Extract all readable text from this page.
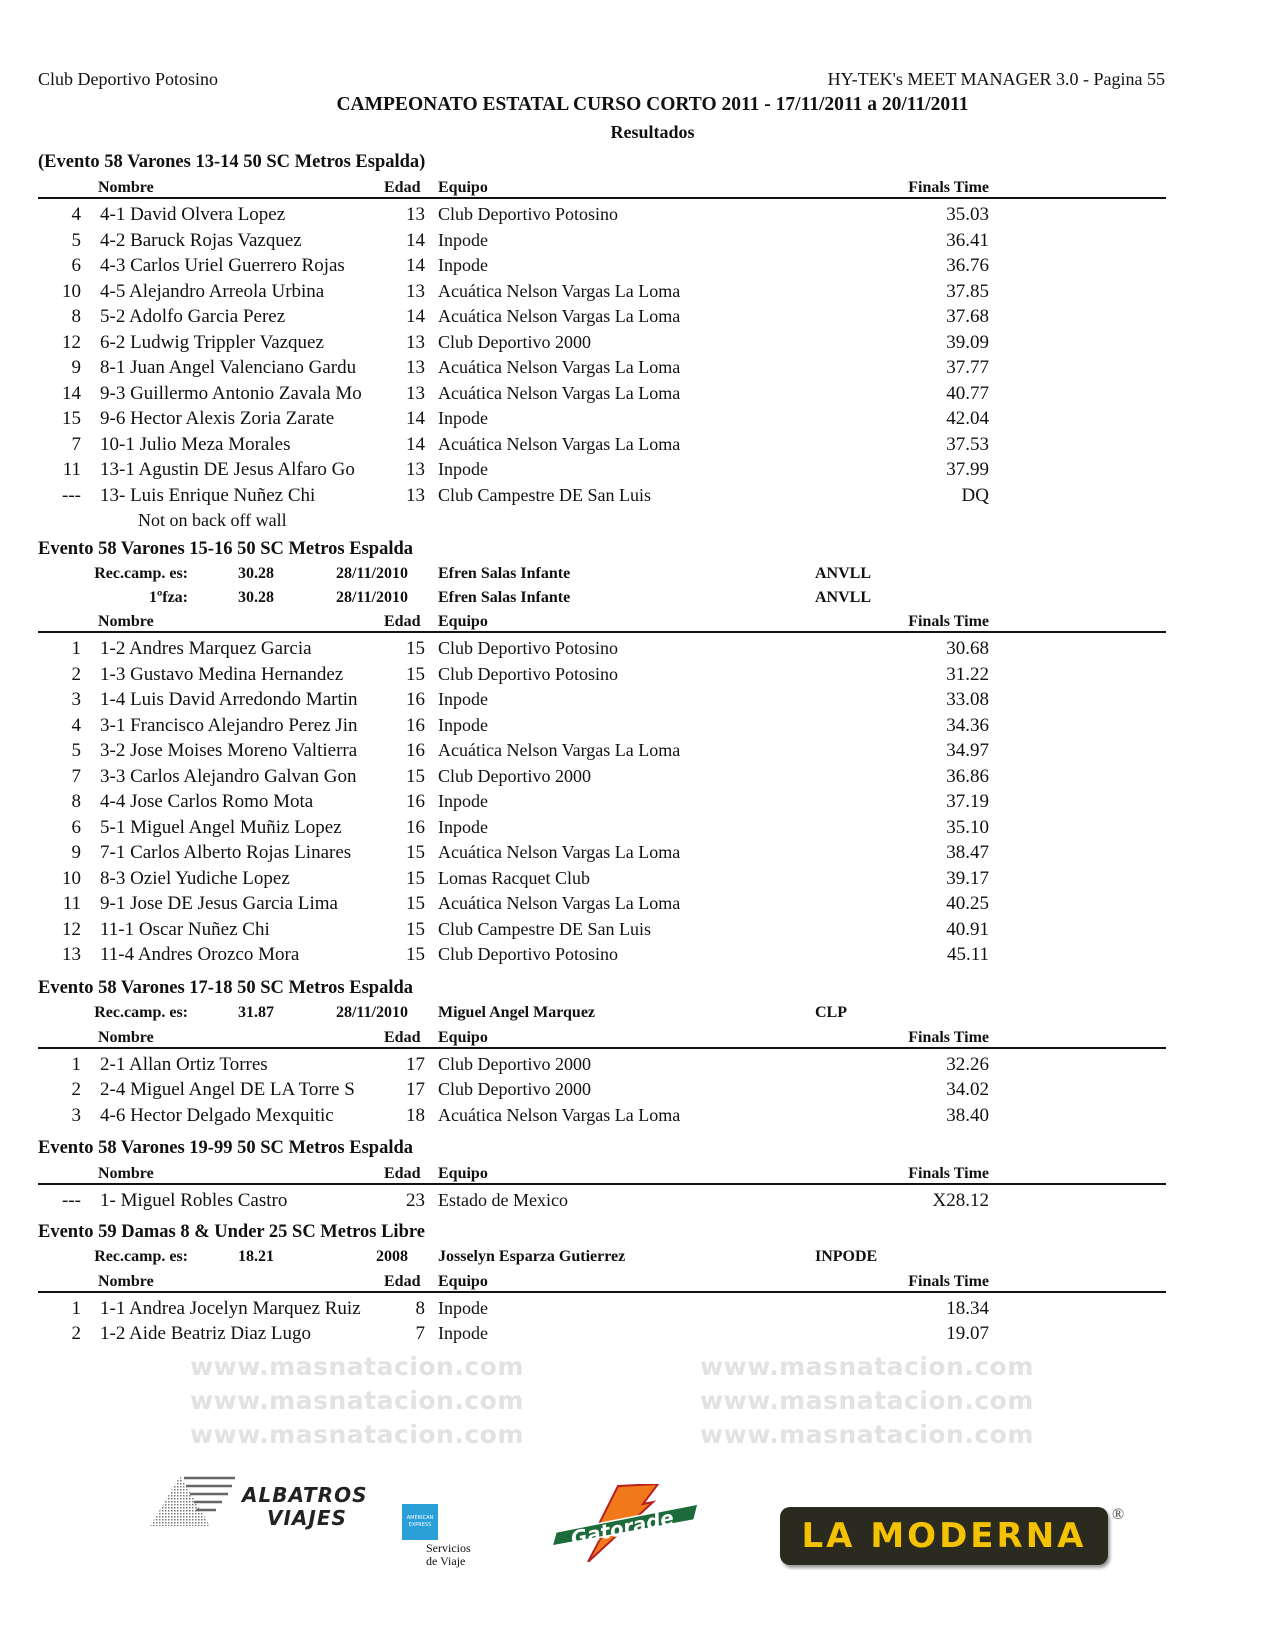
www.masnatacion.com	www.masnatacion.com
www.masnatacion.com	www.masnatacion.com
www.masnatacion.com	www.masnatacion.com
Club Deportivo Potosino	HY-TEK's MEET MANAGER 3.0 - Pagina 55
CAMPEONATO ESTATAL CURSO CORTO 2011 - 17/11/2011 a 20/11/2011
Resultados
(Evento 58 Varones 13-14 50 SC Metros Espalda)
Nombre	Edad Equipo	Finals Time
4 4-1 David Olvera Lopez	13 Club Deportivo Potosino	35.03
5 4-2 Baruck Rojas Vazquez	14 Inpode	36.41
6 4-3 Carlos Uriel Guerrero Rojas	14 Inpode	36.76
10 4-5 Alejandro Arreola Urbina	13 Acuática Nelson Vargas La Loma	37.85
8 5-2 Adolfo Garcia Perez	14 Acuática Nelson Vargas La Loma	37.68
12 6-2 Ludwig Trippler Vazquez	13 Club Deportivo 2000	39.09
9 8-1 Juan Angel Valenciano Gardu	13 Acuática Nelson Vargas La Loma	37.77
14 9-3 Guillermo Antonio Zavala Mo	13 Acuática Nelson Vargas La Loma	40.77
15 9-6 Hector Alexis Zoria Zarate	14 Inpode	42.04
7 10-1 Julio Meza Morales	14 Acuática Nelson Vargas La Loma	37.53
11 13-1 Agustin DE Jesus Alfaro Go	13 Inpode	37.99
--- 13- Luis Enrique Nuñez Chi	13 Club Campestre DE San Luis	DQ
Not on back off wall
Evento 58 Varones 15-16 50 SC Metros Espalda
Rec.camp. es:	30.28	28/11/2010 Efren Salas Infante	ANVLL
1ºfza:	30.28	28/11/2010 Efren Salas Infante	ANVLL
Nombre	Edad Equipo	Finals Time
1 1-2 Andres Marquez Garcia	15 Club Deportivo Potosino	30.68
2 1-3 Gustavo Medina Hernandez	15 Club Deportivo Potosino	31.22
3 1-4 Luis David Arredondo Martin	16 Inpode	33.08
4 3-1 Francisco Alejandro Perez Jin	16 Inpode	34.36
5 3-2 Jose Moises Moreno Valtierra	16 Acuática Nelson Vargas La Loma	34.97
7 3-3 Carlos Alejandro Galvan Gon	15 Club Deportivo 2000	36.86
8 4-4 Jose Carlos Romo Mota	16 Inpode	37.19
6 5-1 Miguel Angel Muñiz Lopez	16 Inpode	35.10
9 7-1 Carlos Alberto Rojas Linares	15 Acuática Nelson Vargas La Loma	38.47
10 8-3 Oziel Yudiche Lopez	15 Lomas Racquet Club	39.17
11 9-1 Jose DE Jesus Garcia Lima	15 Acuática Nelson Vargas La Loma	40.25
12 11-1 Oscar Nuñez Chi	15 Club Campestre DE San Luis	40.91
13 11-4 Andres Orozco Mora	15 Club Deportivo Potosino	45.11
Evento 58 Varones 17-18 50 SC Metros Espalda
Rec.camp. es:	31.87	28/11/2010 Miguel Angel Marquez	CLP
Nombre	Edad Equipo	Finals Time
1 2-1 Allan Ortiz Torres	17 Club Deportivo 2000	32.26
2 2-4 Miguel Angel DE LA Torre S	17 Club Deportivo 2000	34.02
3 4-6 Hector Delgado Mexquitic	18 Acuática Nelson Vargas La Loma	38.40
Evento 58 Varones 19-99 50 SC Metros Espalda
Nombre	Edad Equipo	Finals Time
--- 1- Miguel Robles Castro	23 Estado de Mexico	X28.12
Evento 59 Damas 8 & Under 25 SC Metros Libre
Rec.camp. es:	18.21	2008 Josselyn Esparza Gutierrez	INPODE
Nombre	Edad Equipo	Finals Time
1 1-1 Andrea Jocelyn Marquez Ruiz	8 Inpode	18.34
2 1-2 Aide Beatriz Diaz Lugo	7 Inpode	19.07
ALBATROS
VIAJES	AMERICAN EXPRESS
Servicios
de Viaje
Gatorade	LA MODERNA
®
